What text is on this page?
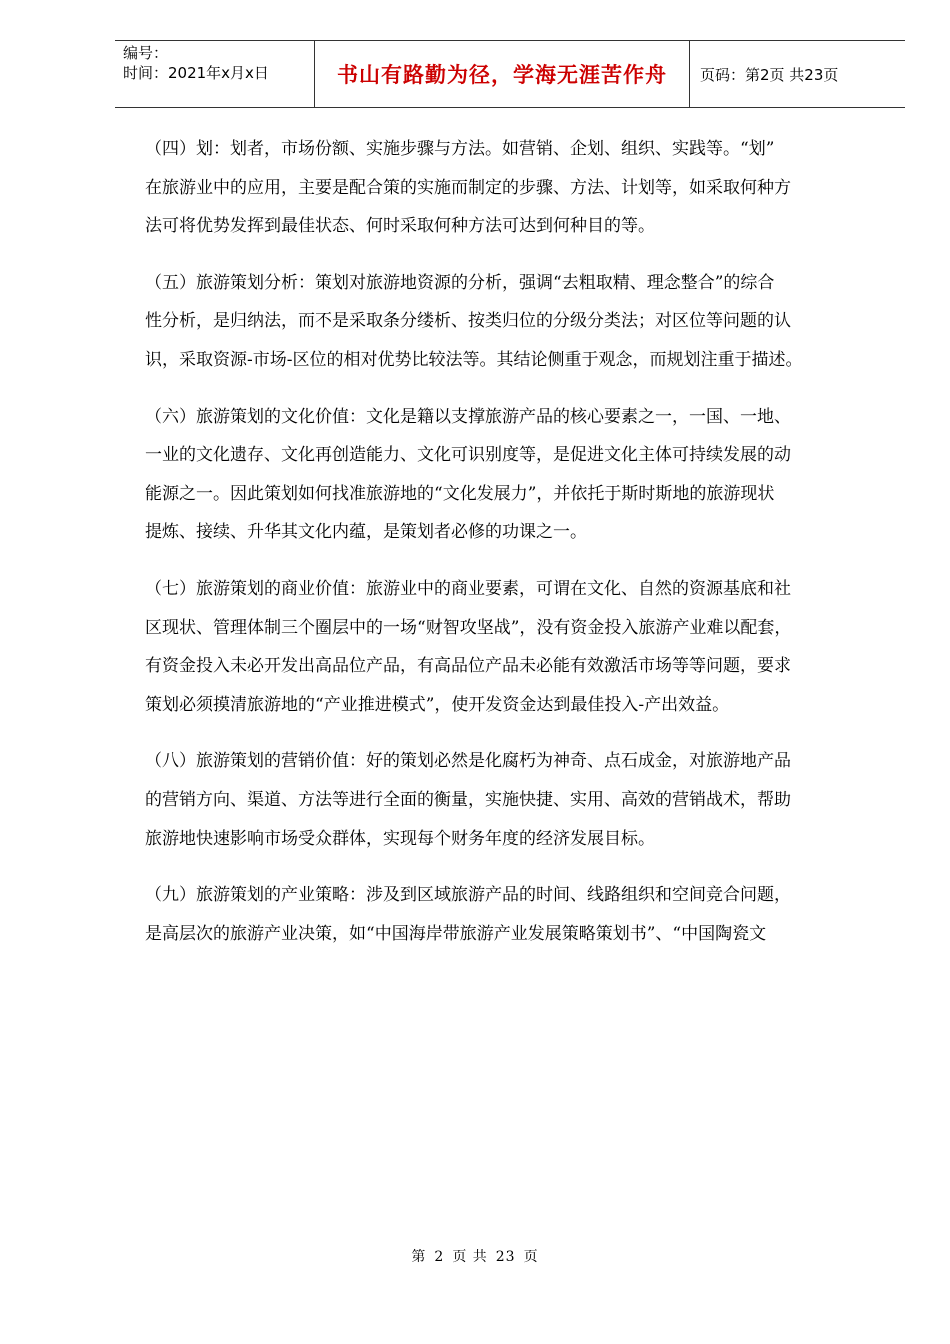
编号：
时间：2021年x月x日	书山有路勤为径，学海无涯苦作舟	页码：第2页 共23页

（四）划：划者，市场份额、实施步骤与方法。如营销、企划、组织、实践等。“划”

在旅游业中的应用，主要是配合策的实施而制定的步骤、方法、计划等，如采取何种方

法可将优势发挥到最佳状态、何时采取何种方法可达到何种目的等。

（五）旅游策划分析：策划对旅游地资源的分析，强调“去粗取精、理念整合”的综合

性分析，是归纳法，而不是采取条分缕析、按类归位的分级分类法；对区位等问题的认

识，采取资源-市场-区位的相对优势比较法等。其结论侧重于观念，而规划注重于描述。

（六）旅游策划的文化价值：文化是籍以支撑旅游产品的核心要素之一，一国、一地、

一业的文化遗存、文化再创造能力、文化可识别度等，是促进文化主体可持续发展的动

能源之一。因此策划如何找准旅游地的“文化发展力”，并依托于斯时斯地的旅游现状

提炼、接续、升华其文化内蕴，是策划者必修的功课之一。

（七）旅游策划的商业价值：旅游业中的商业要素，可谓在文化、自然的资源基底和社

区现状、管理体制三个圈层中的一场“财智攻坚战”，没有资金投入旅游产业难以配套，

有资金投入未必开发出高品位产品，有高品位产品未必能有效激活市场等等问题，要求

策划必须摸清旅游地的“产业推进模式”，使开发资金达到最佳投入-产出效益。

（八）旅游策划的营销价值：好的策划必然是化腐朽为神奇、点石成金，对旅游地产品

的营销方向、渠道、方法等进行全面的衡量，实施快捷、实用、高效的营销战术，帮助

旅游地快速影响市场受众群体，实现每个财务年度的经济发展目标。

（九）旅游策划的产业策略：涉及到区域旅游产品的时间、线路组织和空间竞合问题，

是高层次的旅游产业决策，如“中国海岸带旅游产业发展策略策划书”、“中国陶瓷文

第 2 页 共 23 页
